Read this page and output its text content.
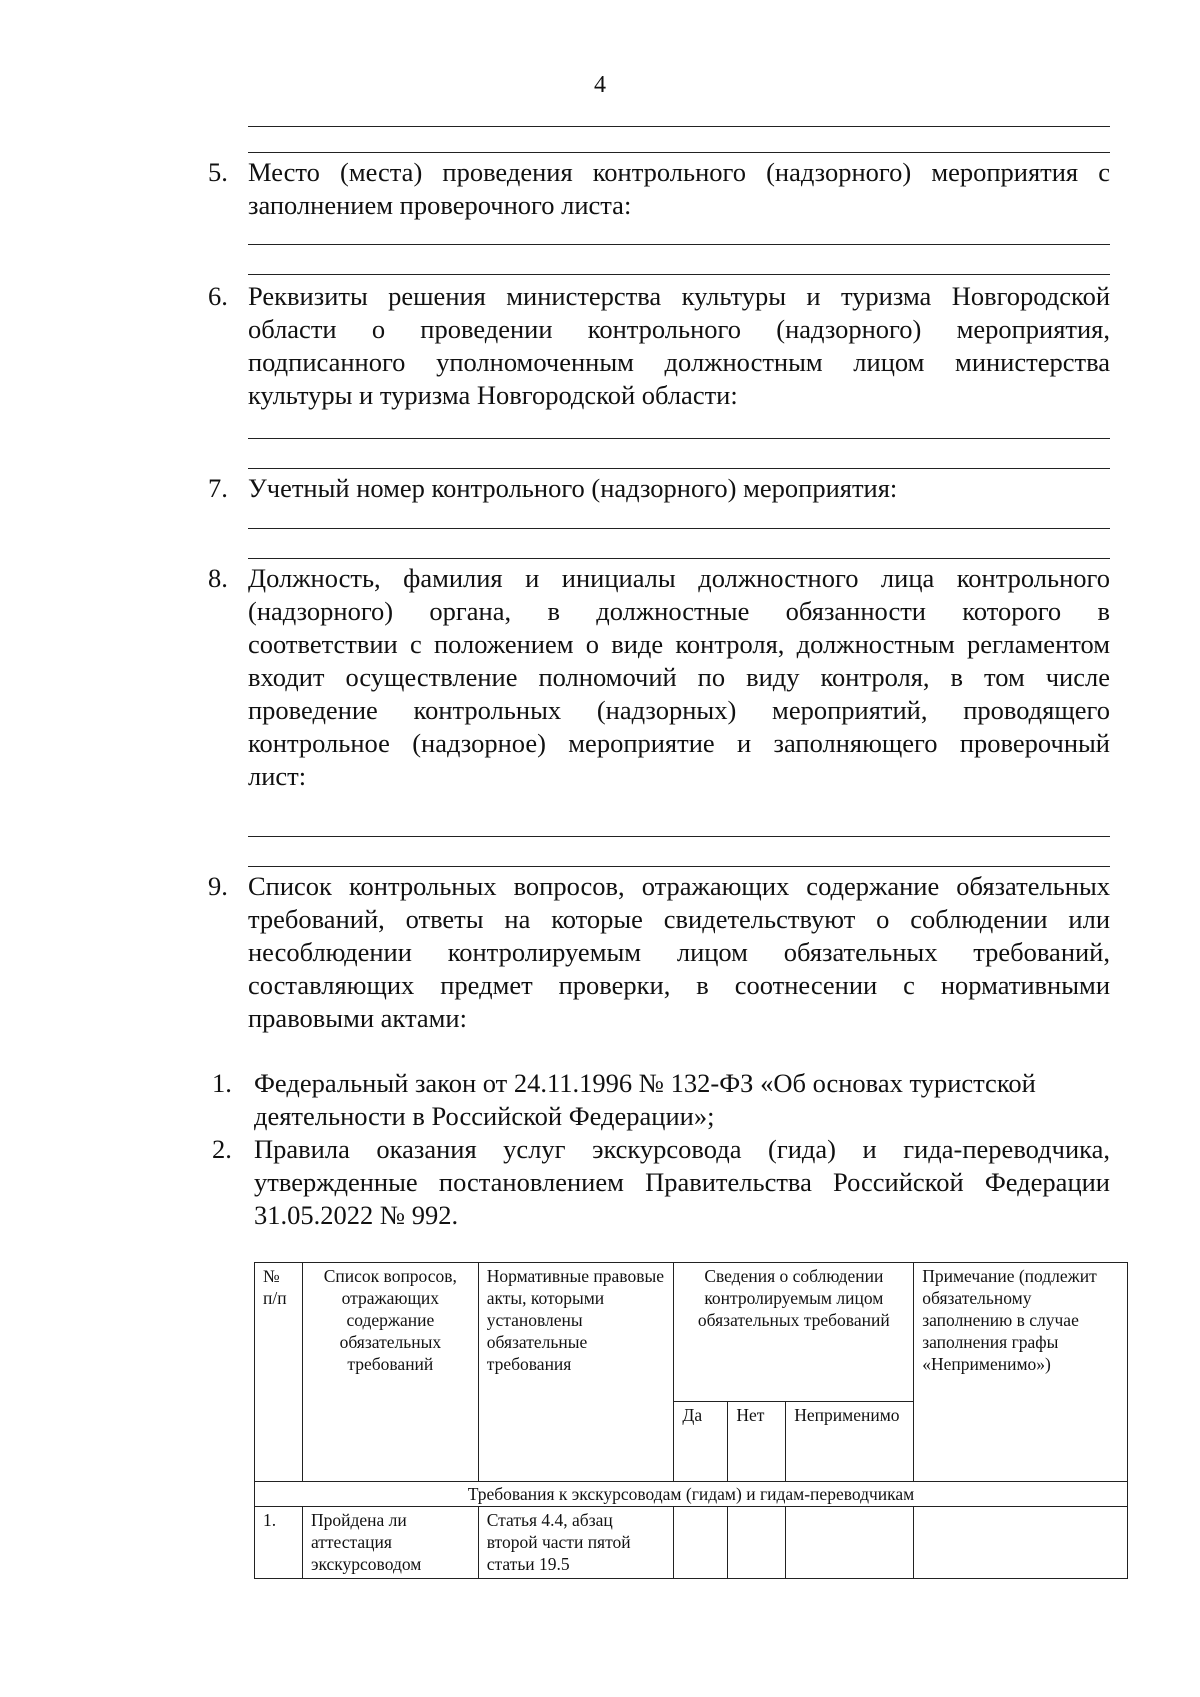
4
5. Место (места) проведения контрольного (надзорного) мероприятия с
заполнением проверочного листа:
6. Реквизиты решения министерства культуры и туризма Новгородской
области о проведении контрольного (надзорного) мероприятия,
подписанного уполномоченным должностным лицом министерства
культуры и туризма Новгородской области:
7. Учетный номер контрольного (надзорного) мероприятия:
8. Должность, фамилия и инициалы должностного лица контрольного
(надзорного) органа, в должностные обязанности которого в
соответствии с положением о виде контроля, должностным регламентом
входит осуществление полномочий по виду контроля, в том числе
проведение контрольных (надзорных) мероприятий, проводящего
контрольное (надзорное) мероприятие и заполняющего проверочный
лист:
9. Список контрольных вопросов, отражающих содержание обязательных
требований, ответы на которые свидетельствуют о соблюдении или
несоблюдении контролируемым лицом обязательных требований,
составляющих предмет проверки, в соотнесении с нормативными
правовыми актами:
1. Федеральный закон от 24.11.1996 № 132-ФЗ «Об основах туристской
деятельности в Российской Федерации»;
2. Правила оказания услуг экскурсовода (гида) и гида-переводчика,
утвержденные постановлением Правительства Российской Федерации
31.05.2022 № 992.
№ п/п	Список вопросов, отражающих содержание обязательных требований	Нормативные правовые акты, которыми установлены обязательные требования	Сведения о соблюдении контролируемым лицом обязательных требований			Примечание (подлежит обязательному заполнению в случае заполнения графы «Неприменимо»)
			Да	Нет	Неприменимо	
Требования к экскурсоводам (гидам) и гидам-переводчикам						
1.	Пройдена ли аттестация экскурсоводом	Статья 4.4, абзац второй части пятой статьи 19.5				
